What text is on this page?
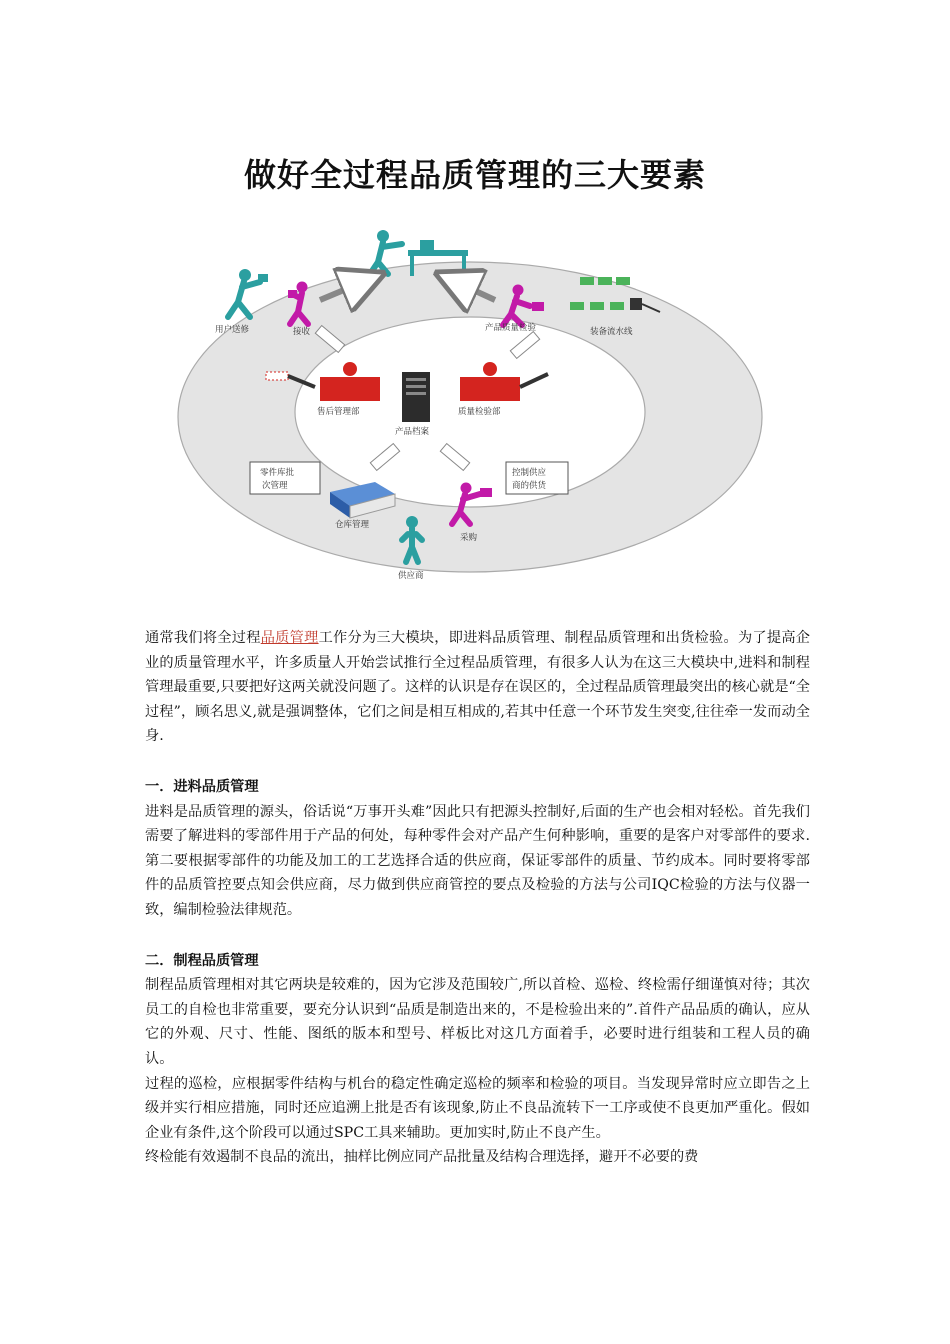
做好全过程品质管理的三大要素
用户送修	接收	产品质量检验	装备流水线
售后管理部	质量检验部
产品档案
零件库批
次管理
控制供应
商的供货
仓库管理
采购
供应商

通常我们将全过程品质管理工作分为三大模块，即进料品质管理、制程品质管理和出货检验。为了提高企业的质量管理水平，许多质量人开始尝试推行全过程品质管理，有很多人认为在这三大模块中,进料和制程管理最重要,只要把好这两关就没问题了。这样的认识是存在误区的，全过程品质管理最突出的核心就是“全过程”，顾名思义,就是强调整体，它们之间是相互相成的,若其中任意一个环节发生突变,往往牵一发而动全身.

一．进料品质管理

进料是品质管理的源头，俗话说“万事开头难”因此只有把源头控制好,后面的生产也会相对轻松。首先我们需要了解进料的零部件用于产品的何处，每种零件会对产品产生何种影响，重要的是客户对零部件的要求.第二要根据零部件的功能及加工的工艺选择合适的供应商，保证零部件的质量、节约成本。同时要将零部件的品质管控要点知会供应商，尽力做到供应商管控的要点及检验的方法与公司IQC检验的方法与仪器一致，编制检验法律规范。

二．制程品质管理

制程品质管理相对其它两块是较难的，因为它涉及范围较广,所以首检、巡检、终检需仔细谨慎对待；其次员工的自检也非常重要，要充分认识到“品质是制造出来的，不是检验出来的”.首件产品品质的确认，应从它的外观、尺寸、性能、图纸的版本和型号、样板比对这几方面着手，必要时进行组装和工程人员的确认。

过程的巡检，应根据零件结构与机台的稳定性确定巡检的频率和检验的项目。当发现异常时应立即告之上级并实行相应措施，同时还应追溯上批是否有该现象,防止不良品流转下一工序或使不良更加严重化。假如企业有条件,这个阶段可以通过SPC工具来辅助。更加实时,防止不良产生。

终检能有效遏制不良品的流出，抽样比例应同产品批量及结构合理选择，避开不必要的费
